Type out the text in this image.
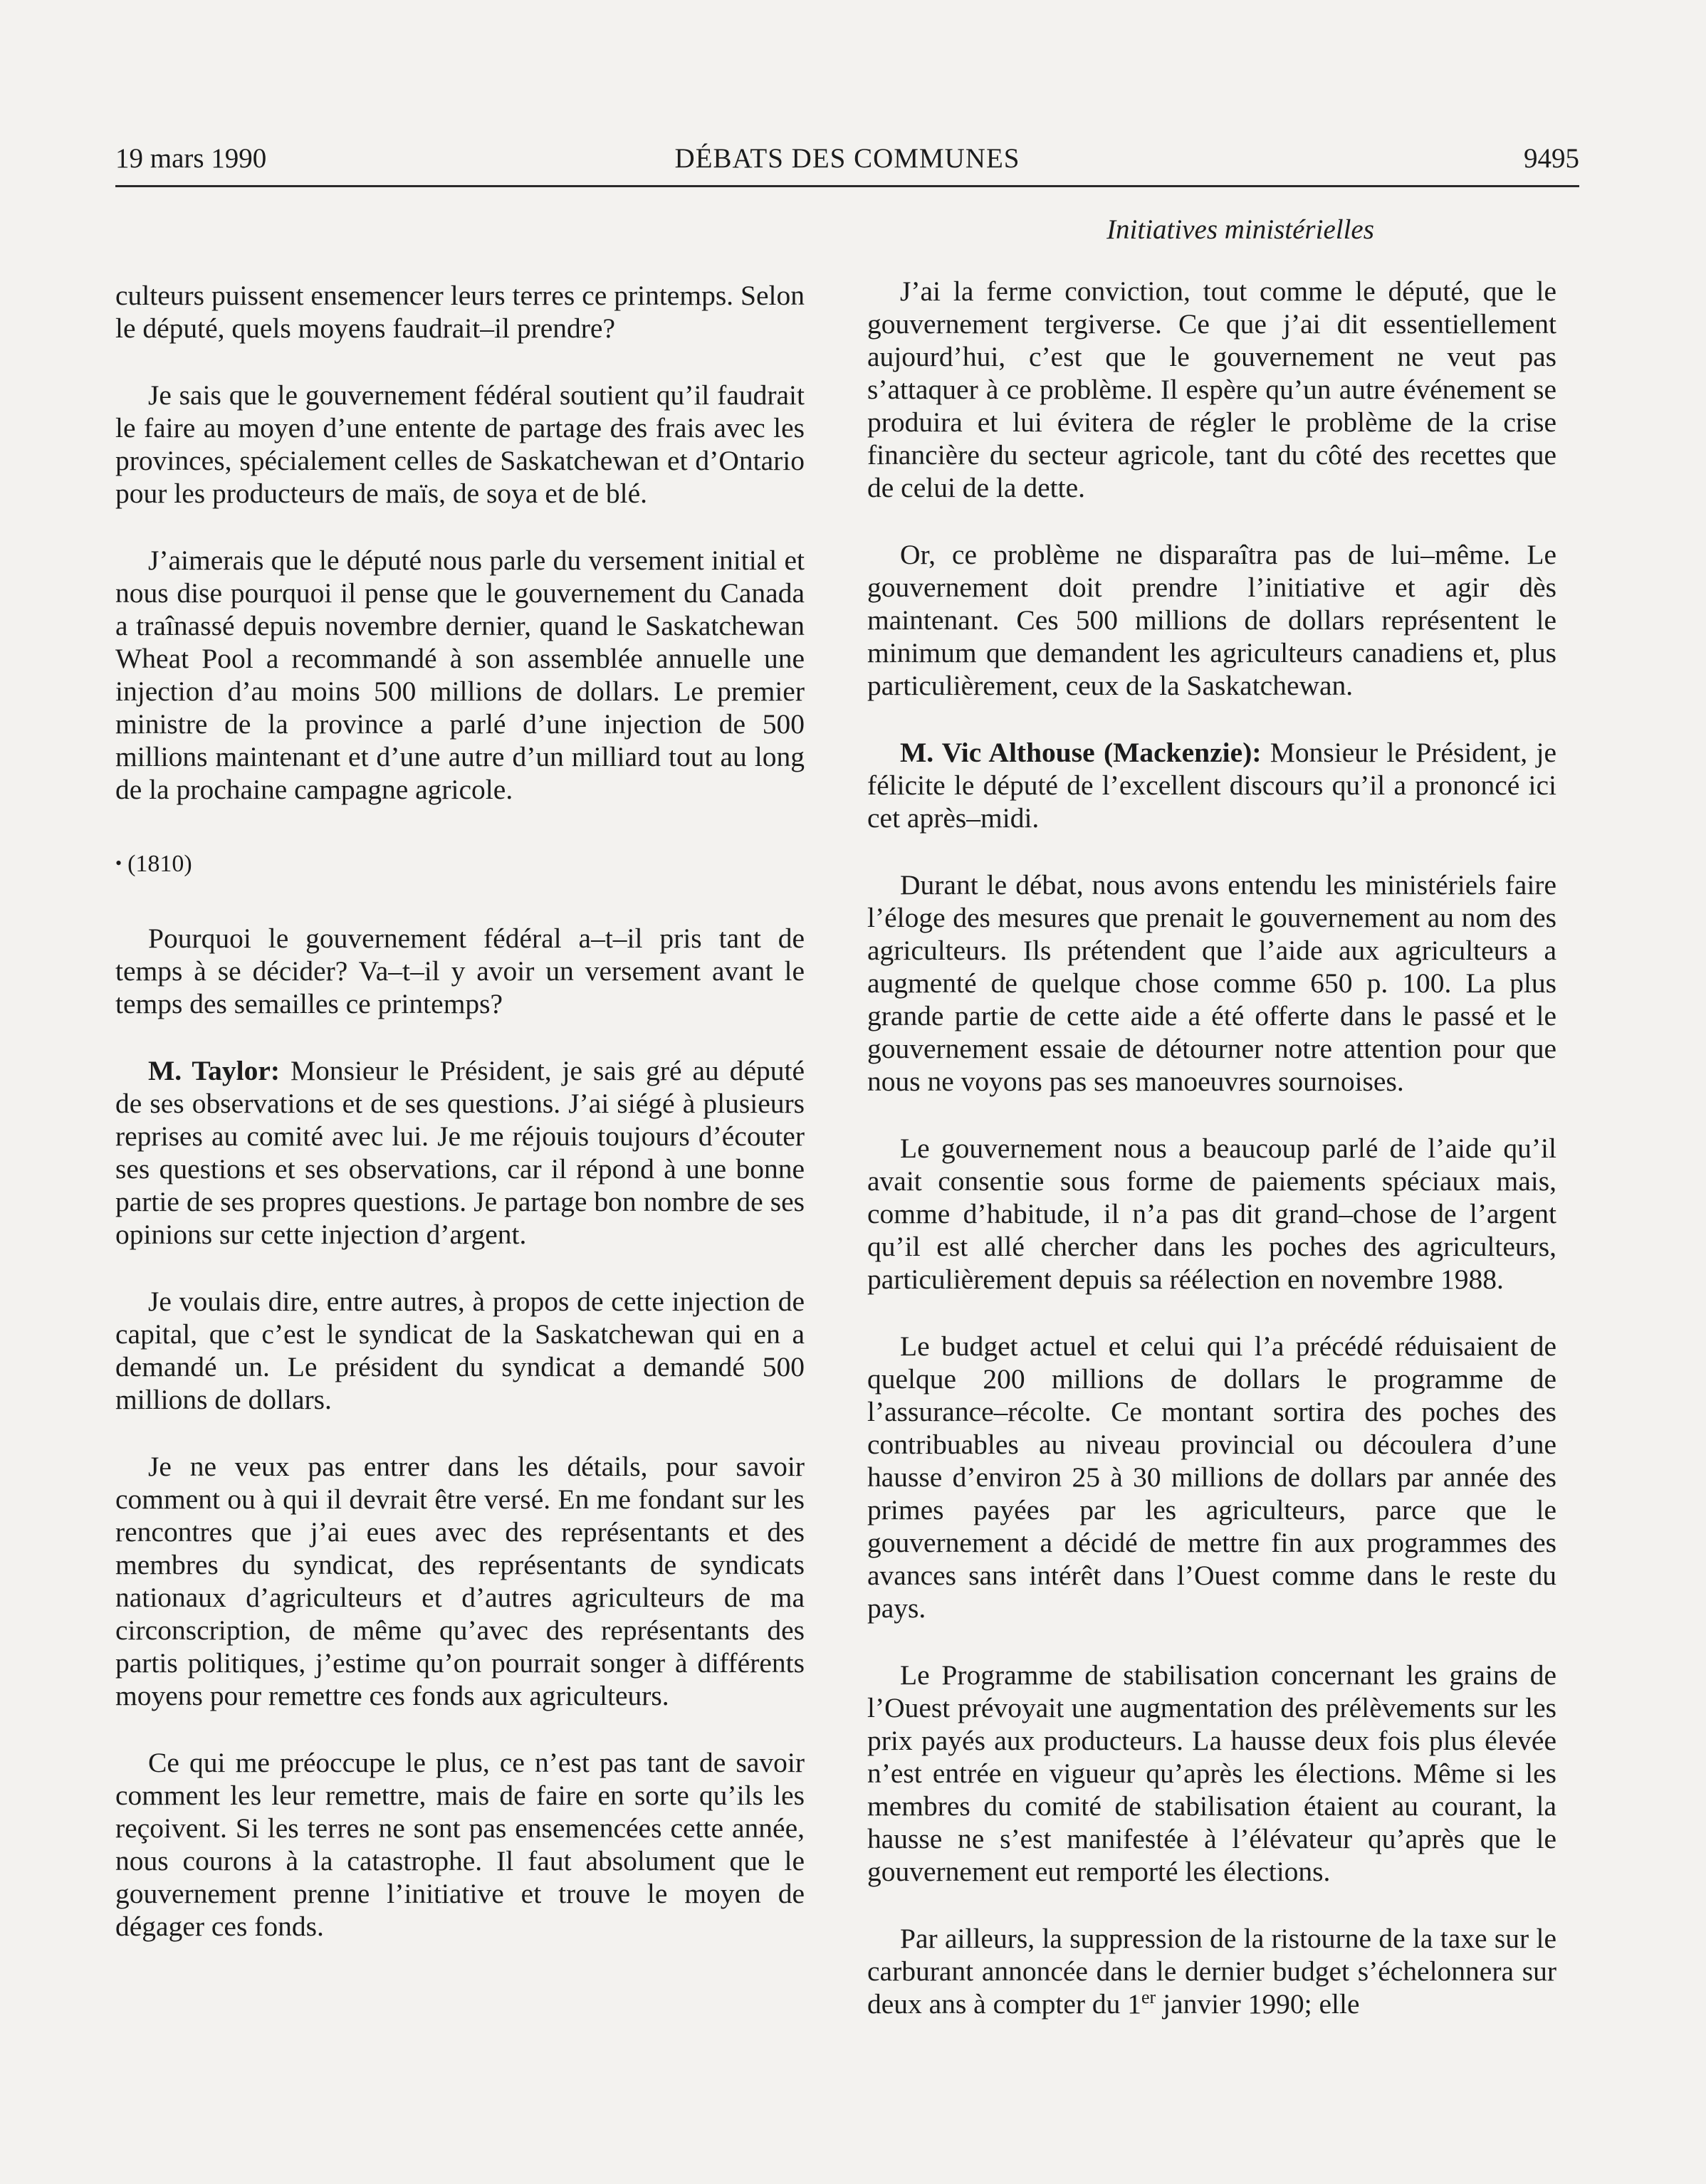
19 mars 1990	DÉBATS DES COMMUNES	9495

culteurs puissent ensemencer leurs terres ce printemps. Selon le député, quels moyens faudrait–il prendre?

Je sais que le gouvernement fédéral soutient qu’il faudrait le faire au moyen d’une entente de partage des frais avec les provinces, spécialement celles de Saskatchewan et d’Ontario pour les producteurs de maïs, de soya et de blé.

J’aimerais que le député nous parle du versement initial et nous dise pourquoi il pense que le gouvernement du Canada a traînassé depuis novembre dernier, quand le Saskatchewan Wheat Pool a recommandé à son assemblée annuelle une injection d’au moins 500 millions de dollars. Le premier ministre de la province a parlé d’une injection de 500 millions maintenant et d’une autre d’un milliard tout au long de la prochaine campagne agricole.

• (1810)

Pourquoi le gouvernement fédéral a–t–il pris tant de temps à se décider? Va–t–il y avoir un versement avant le temps des semailles ce printemps?

M. Taylor: Monsieur le Président, je sais gré au député de ses observations et de ses questions. J’ai siégé à plusieurs reprises au comité avec lui. Je me réjouis toujours d’écouter ses questions et ses observations, car il répond à une bonne partie de ses propres questions. Je partage bon nombre de ses opinions sur cette injection d’argent.

Je voulais dire, entre autres, à propos de cette injection de capital, que c’est le syndicat de la Saskatchewan qui en a demandé un. Le président du syndicat a demandé 500 millions de dollars.

Je ne veux pas entrer dans les détails, pour savoir comment ou à qui il devrait être versé. En me fondant sur les rencontres que j’ai eues avec des représentants et des membres du syndicat, des représentants de syndicats nationaux d’agriculteurs et d’autres agriculteurs de ma circonscription, de même qu’avec des représentants des partis politiques, j’estime qu’on pourrait songer à différents moyens pour remettre ces fonds aux agriculteurs.

Ce qui me préoccupe le plus, ce n’est pas tant de savoir comment les leur remettre, mais de faire en sorte qu’ils les reçoivent. Si les terres ne sont pas ensemencées cette année, nous courons à la catastrophe. Il faut absolument que le gouvernement prenne l’initiative et trouve le moyen de dégager ces fonds.

Initiatives ministérielles

J’ai la ferme conviction, tout comme le député, que le gouvernement tergiverse. Ce que j’ai dit essentiellement aujourd’hui, c’est que le gouvernement ne veut pas s’attaquer à ce problème. Il espère qu’un autre événement se produira et lui évitera de régler le problème de la crise financière du secteur agricole, tant du côté des recettes que de celui de la dette.

Or, ce problème ne disparaîtra pas de lui–même. Le gouvernement doit prendre l’initiative et agir dès maintenant. Ces 500 millions de dollars représentent le minimum que demandent les agriculteurs canadiens et, plus particulièrement, ceux de la Saskatchewan.

M. Vic Althouse (Mackenzie): Monsieur le Président, je félicite le député de l’excellent discours qu’il a prononcé ici cet après–midi.

Durant le débat, nous avons entendu les ministériels faire l’éloge des mesures que prenait le gouvernement au nom des agriculteurs. Ils prétendent que l’aide aux agriculteurs a augmenté de quelque chose comme 650 p. 100. La plus grande partie de cette aide a été offerte dans le passé et le gouvernement essaie de détourner notre attention pour que nous ne voyons pas ses manoeuvres sournoises.

Le gouvernement nous a beaucoup parlé de l’aide qu’il avait consentie sous forme de paiements spéciaux mais, comme d’habitude, il n’a pas dit grand–chose de l’argent qu’il est allé chercher dans les poches des agriculteurs, particulièrement depuis sa réélection en novembre 1988.

Le budget actuel et celui qui l’a précédé réduisaient de quelque 200 millions de dollars le programme de l’assurance–récolte. Ce montant sortira des poches des contribuables au niveau provincial ou découlera d’une hausse d’environ 25 à 30 millions de dollars par année des primes payées par les agriculteurs, parce que le gouvernement a décidé de mettre fin aux programmes des avances sans intérêt dans l’Ouest comme dans le reste du pays.

Le Programme de stabilisation concernant les grains de l’Ouest prévoyait une augmentation des prélèvements sur les prix payés aux producteurs. La hausse deux fois plus élevée n’est entrée en vigueur qu’après les élections. Même si les membres du comité de stabilisation étaient au courant, la hausse ne s’est manifestée à l’élévateur qu’après que le gouvernement eut remporté les élections.

Par ailleurs, la suppression de la ristourne de la taxe sur le carburant annoncée dans le dernier budget s’échelonnera sur deux ans à compter du 1er janvier 1990; elle
